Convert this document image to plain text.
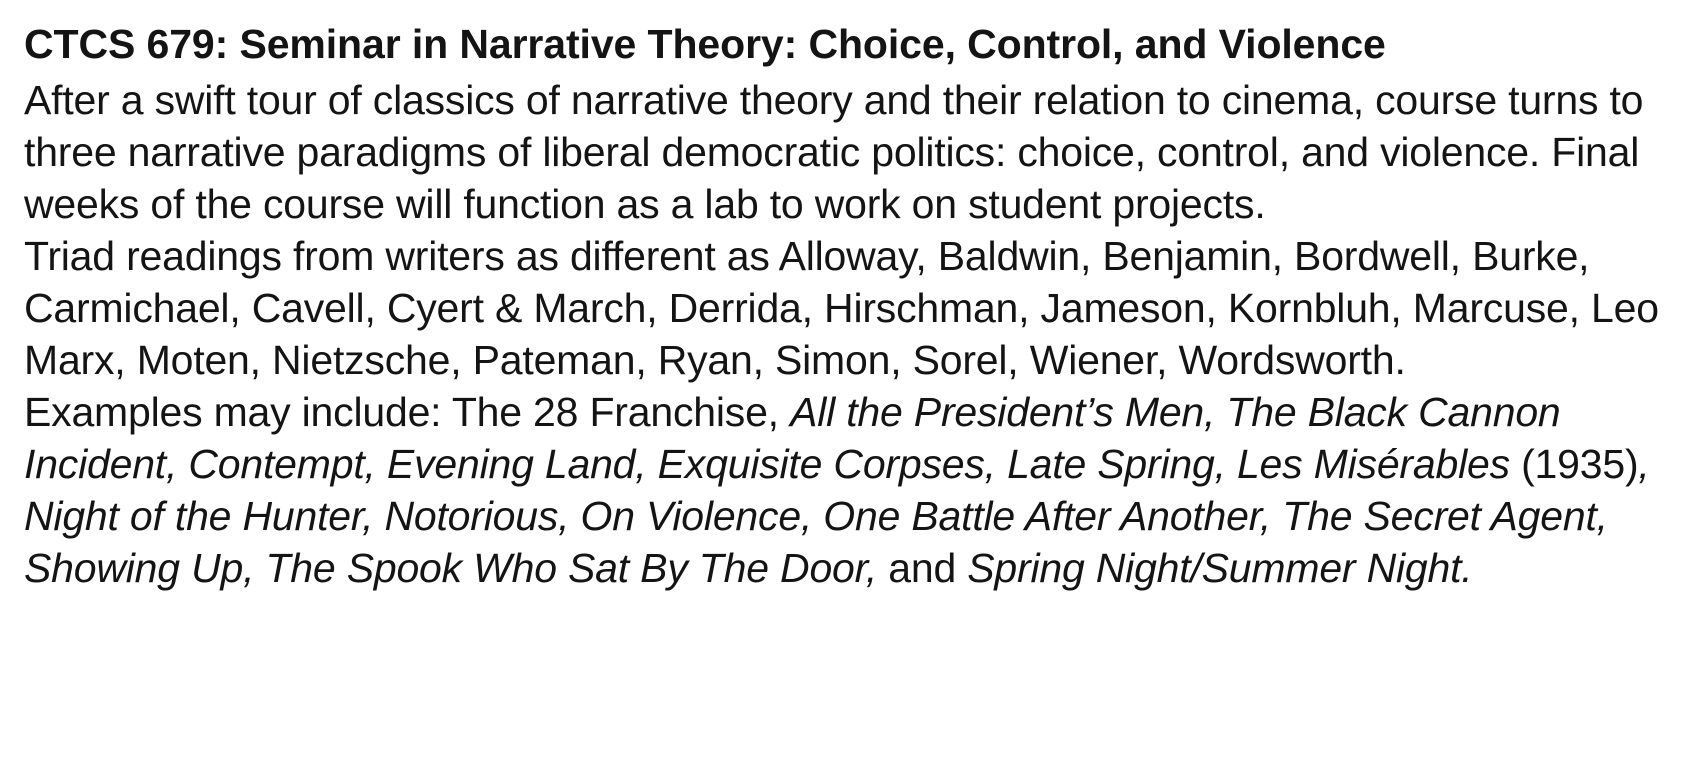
CTCS 679: Seminar in Narrative Theory: Choice, Control, and Violence

After a swift tour of classics of narrative theory and their relation to cinema, course turns to three narrative paradigms of liberal democratic politics: choice, control, and violence. Final weeks of the course will function as a lab to work on student projects.

Triad readings from writers as different as Alloway, Baldwin, Benjamin, Bordwell, Burke, Carmichael, Cavell, Cyert & March, Derrida, Hirschman, Jameson, Kornbluh, Marcuse, Leo Marx, Moten, Nietzsche, Pateman, Ryan, Simon, Sorel, Wiener, Wordsworth.

Examples may include: The 28 Franchise, All the President’s Men, The Black Cannon Incident, Contempt, Evening Land, Exquisite Corpses, Late Spring, Les Misérables (1935), Night of the Hunter, Notorious, On Violence, One Battle After Another, The Secret Agent, Showing Up, The Spook Who Sat By The Door, and Spring Night/Summer Night.
